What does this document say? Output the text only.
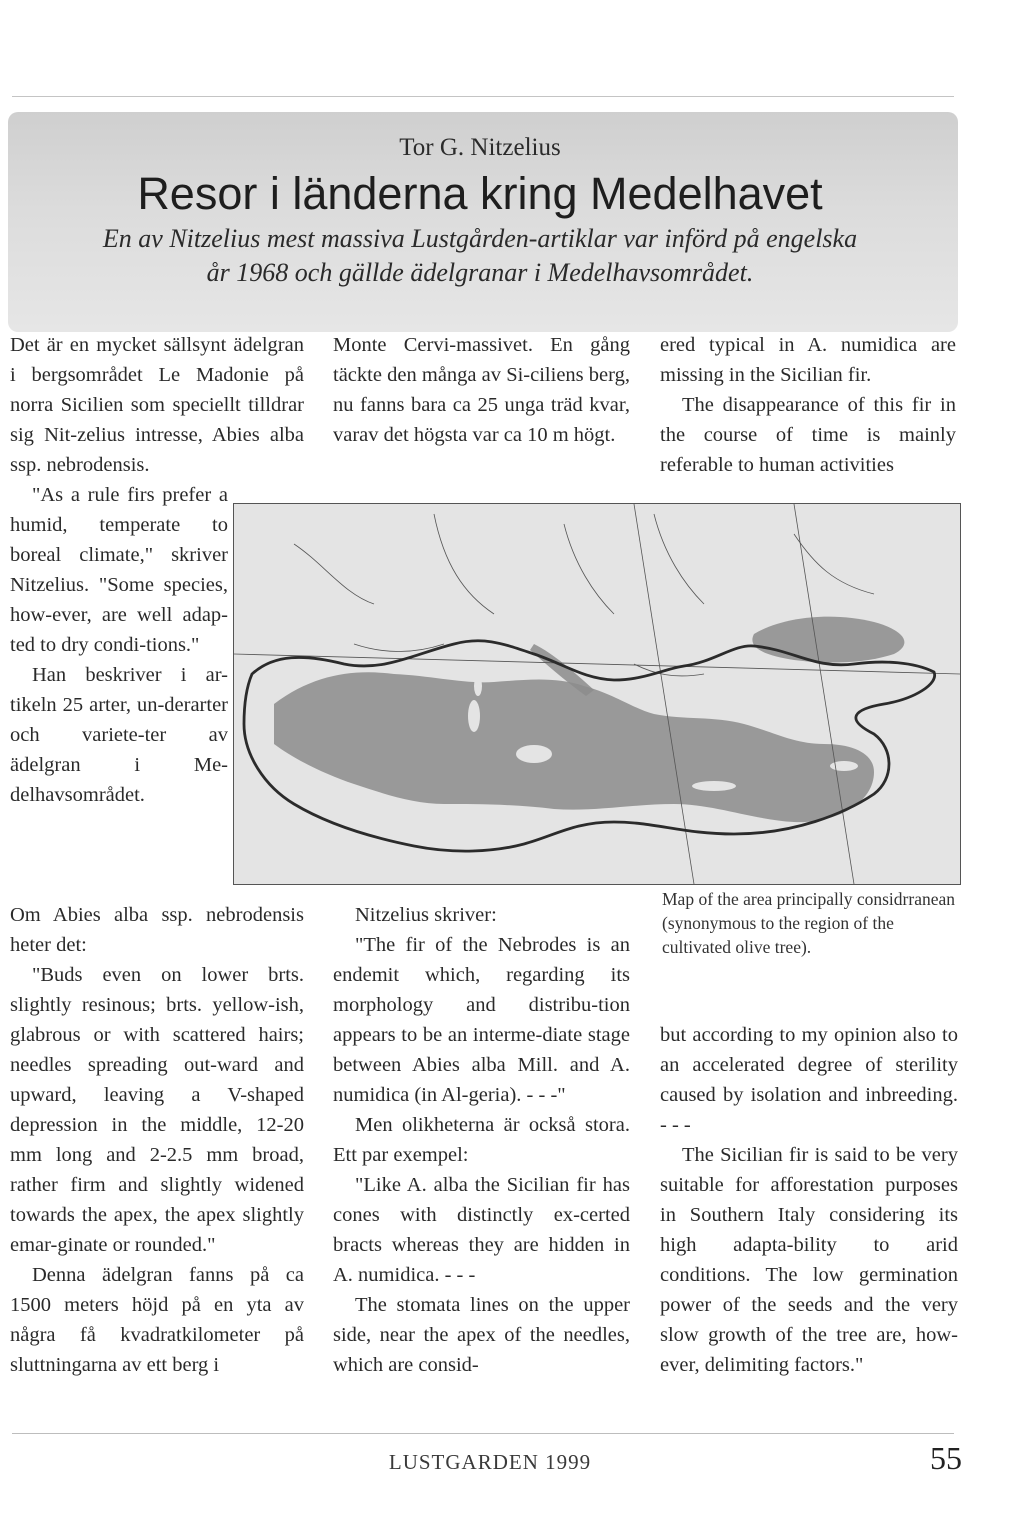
Tor G. Nitzelius
Resor i länderna kring Medelhavet
En av Nitzelius mest massiva Lustgården-artiklar var införd på engelska
år 1968 och gällde ädelgranar i Medelhavsområdet.

Det är en mycket sällsynt ädelgran i bergsområdet Le Madonie på norra Sicilien som speciellt tilldrar sig Nit-zelius intresse, Abies alba ssp. nebrodensis.

"As a rule firs prefer a humid, temperate to boreal climate," skriver Nitzelius. "Some species, how-ever, are well adap-ted to dry condi-tions."

Han beskriver i ar-tikeln 25 arter, un-derarter och variete-ter av ädelgran i Me-delhavsområdet.

Om Abies alba ssp. nebrodensis heter det:

"Buds even on lower brts. slightly resinous; brts. yellow-ish, glabrous or with scattered hairs; needles spreading out-ward and upward, leaving a V-shaped depression in the middle, 12-20 mm long and 2-2.5 mm broad, rather firm and slightly widened towards the apex, the apex slightly emar-ginate or rounded."

Denna ädelgran fanns på ca 1500 meters höjd på en yta av några få kvadratkilometer på sluttningarna av ett berg i

Monte Cervi-massivet. En gång täckte den många av Si-ciliens berg, nu fanns bara ca 25 unga träd kvar, varav det högsta var ca 10 m högt.

Nitzelius skriver:

"The fir of the Nebrodes is an endemit which, regarding its morphology and distribu-tion appears to be an interme-diate stage between Abies alba Mill. and A. numidica (in Al-geria). - - -"

Men olikheterna är också stora. Ett par exempel:

"Like A. alba the Sicilian fir has cones with distinctly ex-certed bracts whereas they are hidden in A. numidica. - - -

The stomata lines on the upper side, near the apex of the needles, which are consid-

ered typical in A. numidica are missing in the Sicilian fir.

The disappearance of this fir in the course of time is mainly referable to human activities

but according to my opinion also to an accelerated degree of sterility caused by isolation and inbreeding. - - -

The Sicilian fir is said to be very suitable for afforestation purposes in Southern Italy considering its high adapta-bility to arid conditions. The low germination power of the seeds and the very slow growth of the tree are, how-ever, delimiting factors."

Map of the area principally considrranean (synonymous to the region of the cultivated olive tree).
LUSTGARDEN 1999	55
